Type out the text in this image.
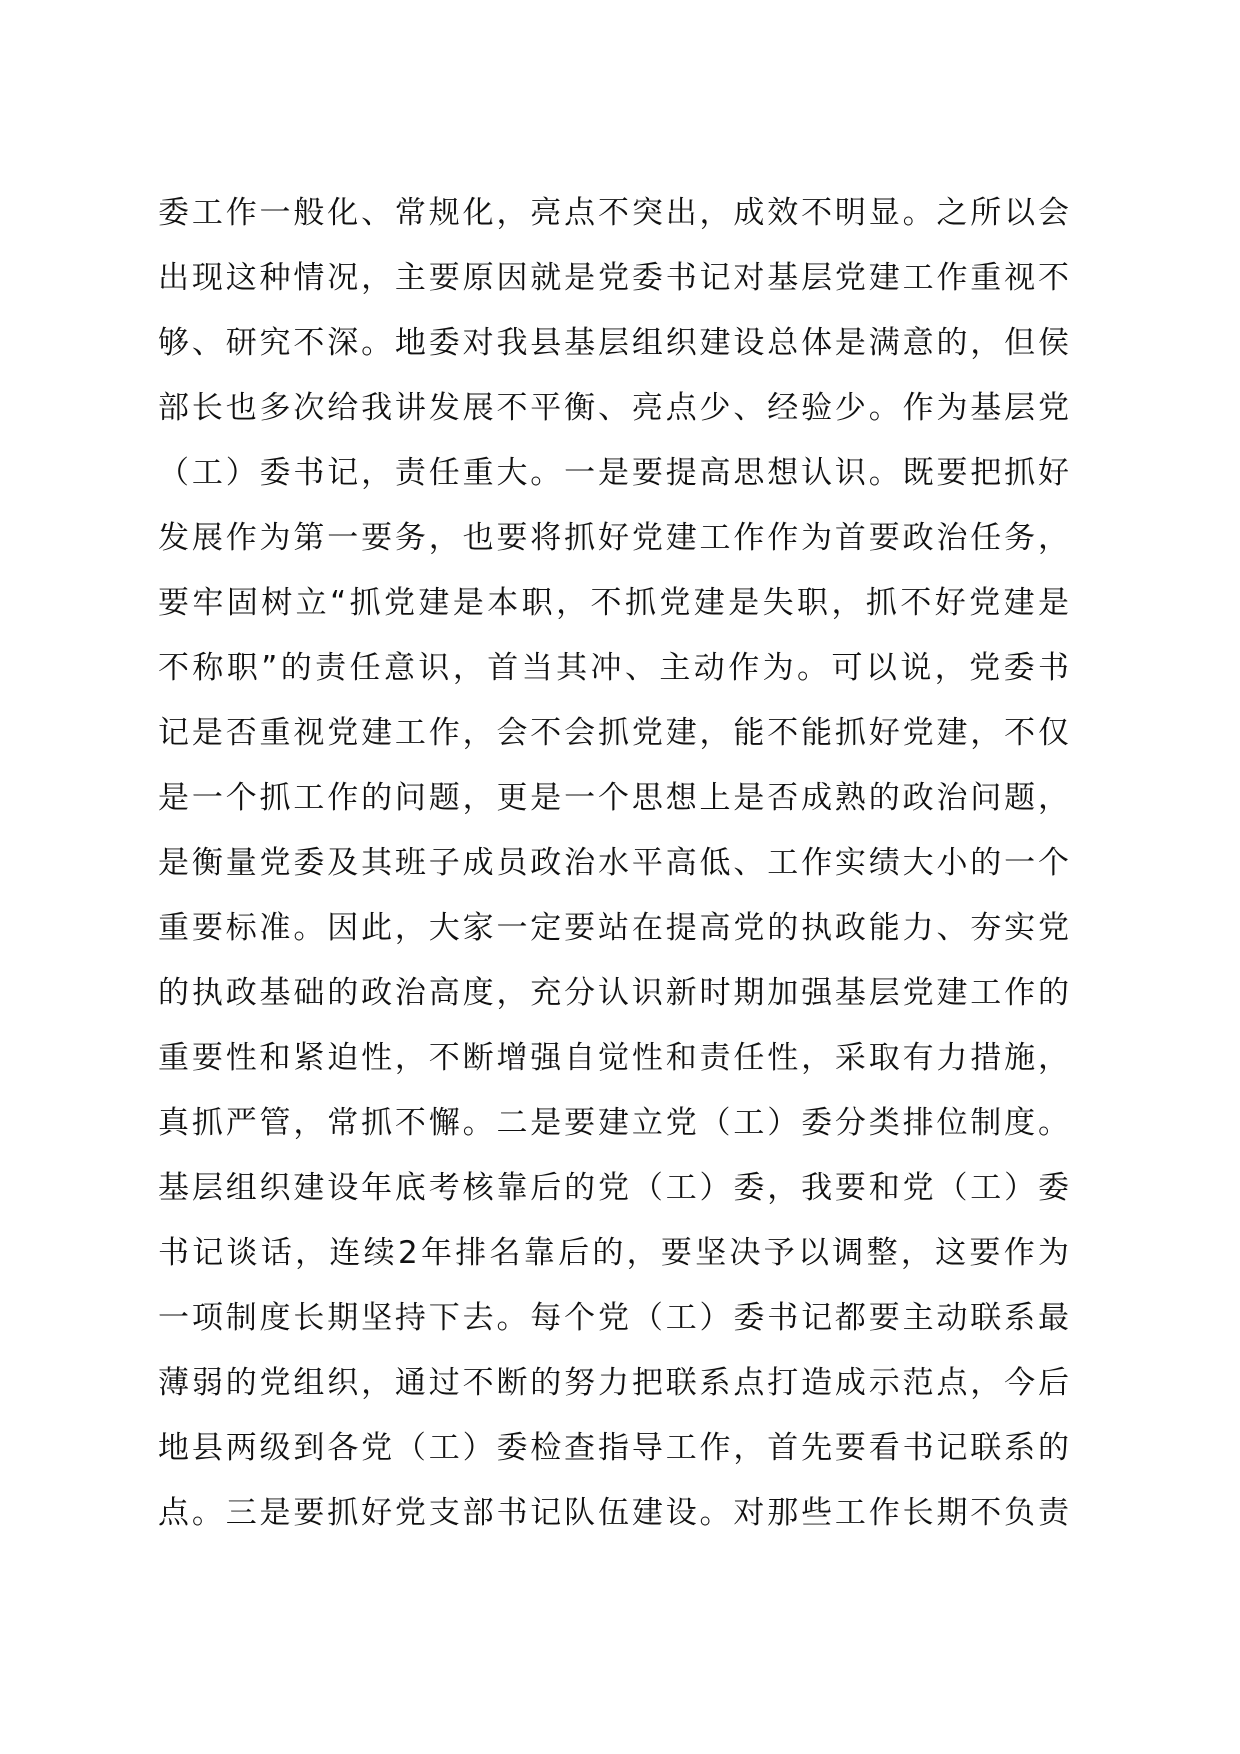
委工作一般化、常规化，亮点不突出，成效不明显。之所以会
出现这种情况，主要原因就是党委书记对基层党建工作重视不
够、研究不深。地委对我县基层组织建设总体是满意的，但侯
部长也多次给我讲发展不平衡、亮点少、经验少。作为基层党
（工）委书记，责任重大。一是要提高思想认识。既要把抓好
发展作为第一要务，也要将抓好党建工作作为首要政治任务，
要牢固树立“抓党建是本职，不抓党建是失职，抓不好党建是
不称职”的责任意识，首当其冲、主动作为。可以说，党委书
记是否重视党建工作，会不会抓党建，能不能抓好党建，不仅
是一个抓工作的问题，更是一个思想上是否成熟的政治问题，
是衡量党委及其班子成员政治水平高低、工作实绩大小的一个
重要标准。因此，大家一定要站在提高党的执政能力、夯实党
的执政基础的政治高度，充分认识新时期加强基层党建工作的
重要性和紧迫性，不断增强自觉性和责任性，采取有力措施，
真抓严管，常抓不懈。二是要建立党（工）委分类排位制度。
基层组织建设年底考核靠后的党（工）委，我要和党（工）委
书记谈话，连续2年排名靠后的，要坚决予以调整，这要作为
一项制度长期坚持下去。每个党（工）委书记都要主动联系最
薄弱的党组织，通过不断的努力把联系点打造成示范点，今后
地县两级到各党（工）委检查指导工作，首先要看书记联系的
点。三是要抓好党支部书记队伍建设。对那些工作长期不负责
